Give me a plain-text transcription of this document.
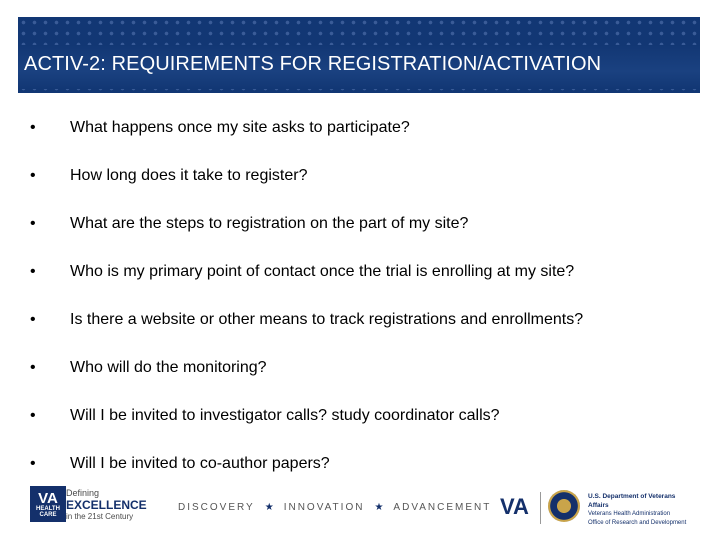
ACTIV-2: REQUIREMENTS FOR REGISTRATION/ACTIVATION
•	What happens once my site asks to participate?
•	How long does it take to register?
•	What are the steps to registration on the part of my site?
•	Who is my primary point of contact once the trial is enrolling at my site?
•	Is there a website or other means to track registrations and enrollments?
•	Who will do the monitoring?
•	Will I be invited to investigator calls? study coordinator calls?
•	Will I be invited to co-author papers?
VA
HEALTH
CARE
Defining
EXCELLENCE
in the 21st Century
DISCOVERY ★ INNOVATION ★ ADVANCEMENT VA	U.S. Department of Veterans Affairs
Veterans Health Administration
Office of Research and Development
